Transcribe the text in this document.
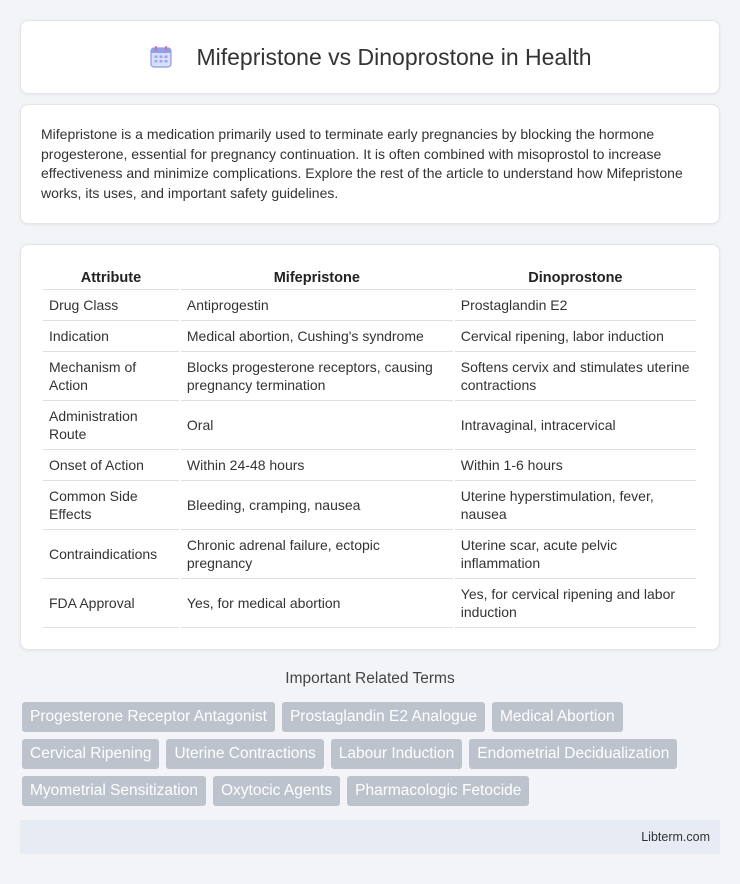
Mifepristone vs Dinoprostone in Health

Mifepristone is a medication primarily used to terminate early pregnancies by blocking the hormone progesterone, essential for pregnancy continuation. It is often combined with misoprostol to increase effectiveness and minimize complications. Explore the rest of the article to understand how Mifepristone works, its uses, and important safety guidelines.

Attribute	Mifepristone	Dinoprostone
Drug Class	Antiprogestin	Prostaglandin E2
Indication	Medical abortion, Cushing's syndrome	Cervical ripening, labor induction
Mechanism of Action	Blocks progesterone receptors, causing pregnancy termination	Softens cervix and stimulates uterine contractions
Administration Route	Oral	Intravaginal, intracervical
Onset of Action	Within 24-48 hours	Within 1-6 hours
Common Side Effects	Bleeding, cramping, nausea	Uterine hyperstimulation, fever, nausea
Contraindications	Chronic adrenal failure, ectopic pregnancy	Uterine scar, acute pelvic inflammation
FDA Approval	Yes, for medical abortion	Yes, for cervical ripening and labor induction
Important Related Terms
Progesterone Receptor Antagonist	Prostaglandin E2 Analogue	Medical Abortion
Cervical Ripening	Uterine Contractions	Labour Induction	Endometrial Decidualization
Myometrial Sensitization	Oxytocic Agents	Pharmacologic Fetocide
Libterm.com
